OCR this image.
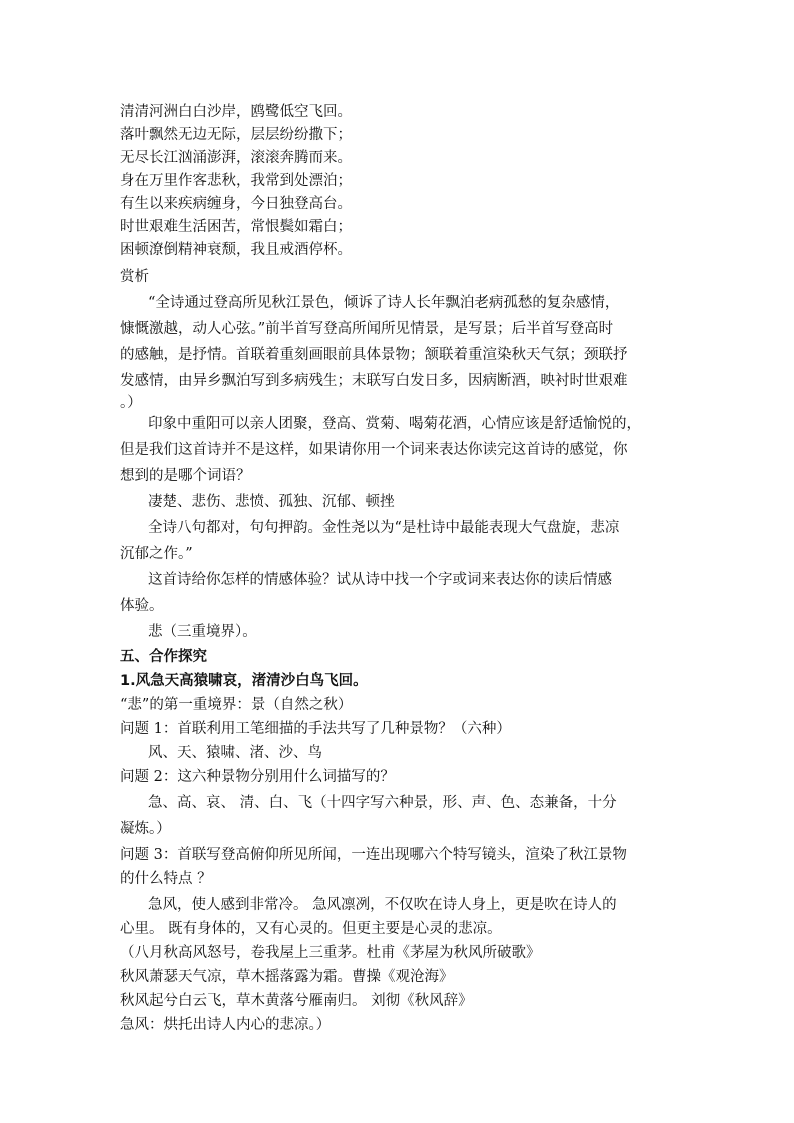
清清河洲白白沙岸，鸥鹭低空飞回。
落叶飘然无边无际，层层纷纷撒下；
无尽长江汹涌澎湃，滚滚奔腾而来。
身在万里作客悲秋，我常到处漂泊；
有生以来疾病缠身，今日独登高台。
时世艰难生活困苦，常恨鬓如霜白；
困顿潦倒精神衰颓，我且戒酒停杯。
赏析
“全诗通过登高所见秋江景色，倾诉了诗人长年飘泊老病孤愁的复杂感情，
慷慨激越，动人心弦。”前半首写登高所闻所见情景，是写景；后半首写登高时
的感触，是抒情。首联着重刻画眼前具体景物；颔联着重渲染秋天气氛；颈联抒
发感情，由异乡飘泊写到多病残生；末联写白发日多，因病断酒，映衬时世艰难
。）
印象中重阳可以亲人团聚，登高、赏菊、喝菊花酒，心情应该是舒适愉悦的，
但是我们这首诗并不是这样，如果请你用一个词来表达你读完这首诗的感觉，你
想到的是哪个词语？
凄楚、悲伤、悲愤、孤独、沉郁、顿挫
全诗八句都对，句句押韵。金性尧以为“是杜诗中最能表现大气盘旋，悲凉
沉郁之作。”
这首诗给你怎样的情感体验？试从诗中找一个字或词来表达你的读后情感
体验。
悲（三重境界）。
五、合作探究
1.风急天高猿啸哀，渚清沙白鸟飞回。
“悲”的第一重境界：景（自然之秋）
问题 1：首联利用工笔细描的手法共写了几种景物？（六种）
风、天、猿啸、渚、沙、鸟
问题 2：这六种景物分别用什么词描写的？
急、高、哀、 清、白、飞（十四字写六种景，形、声、色、态兼备，十分
凝炼。）
问题 3：首联写登高俯仰所见所闻，一连出现哪六个特写镜头，渲染了秋江景物
的什么特点 ？
急风，使人感到非常冷。 急风凛冽，不仅吹在诗人身上，更是吹在诗人的
心里。 既有身体的，又有心灵的。但更主要是心灵的悲凉。
（八月秋高风怒号，卷我屋上三重茅。杜甫《茅屋为秋风所破歌》
秋风萧瑟天气凉，草木摇落露为霜。曹操《观沧海》
秋风起兮白云飞，草木黄落兮雁南归。 刘彻《秋风辞》
急风：烘托出诗人内心的悲凉。）
